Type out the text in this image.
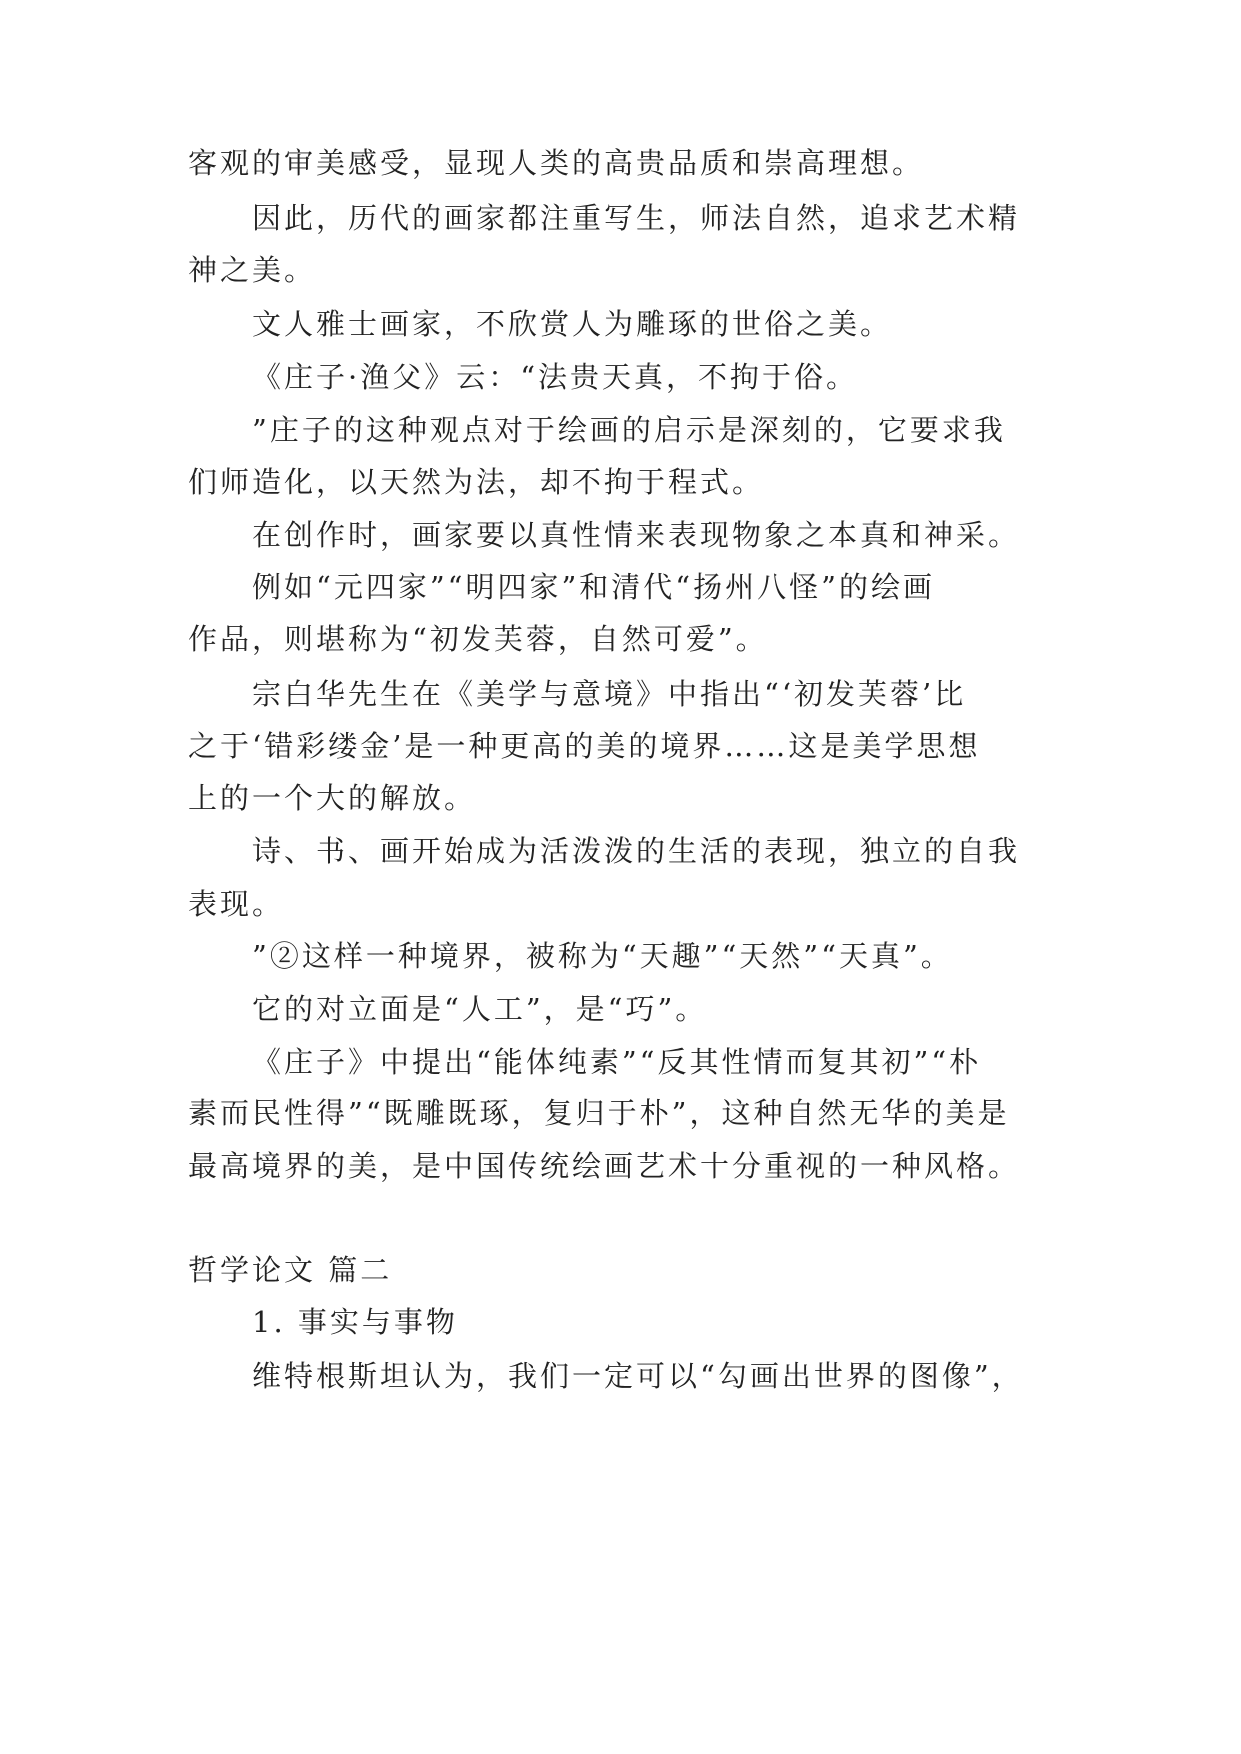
客观的审美感受，显现人类的高贵品质和崇高理想。
因此，历代的画家都注重写生，师法自然，追求艺术精
神之美。
文人雅士画家，不欣赏人为雕琢的世俗之美。
《庄子·渔父》云：“法贵天真，不拘于俗。
”庄子的这种观点对于绘画的启示是深刻的，它要求我
们师造化，以天然为法，却不拘于程式。
在创作时，画家要以真性情来表现物象之本真和神采。
例如“元四家”“明四家”和清代“扬州八怪”的绘画
作品，则堪称为“初发芙蓉，自然可爱”。
宗白华先生在《美学与意境》中指出“‘初发芙蓉’比
之于‘错彩缕金’是一种更高的美的境界……这是美学思想
上的一个大的解放。
诗、书、画开始成为活泼泼的生活的表现，独立的自我
表现。
”②这样一种境界，被称为“天趣”“天然”“天真”。
它的对立面是“人工”，是“巧”。
《庄子》中提出“能体纯素”“反其性情而复其初”“朴
素而民性得”“既雕既琢，复归于朴”，这种自然无华的美是
最高境界的美，是中国传统绘画艺术十分重视的一种风格。
哲学论文 篇二
1. 事实与事物
维特根斯坦认为，我们一定可以“勾画出世界的图像”，
